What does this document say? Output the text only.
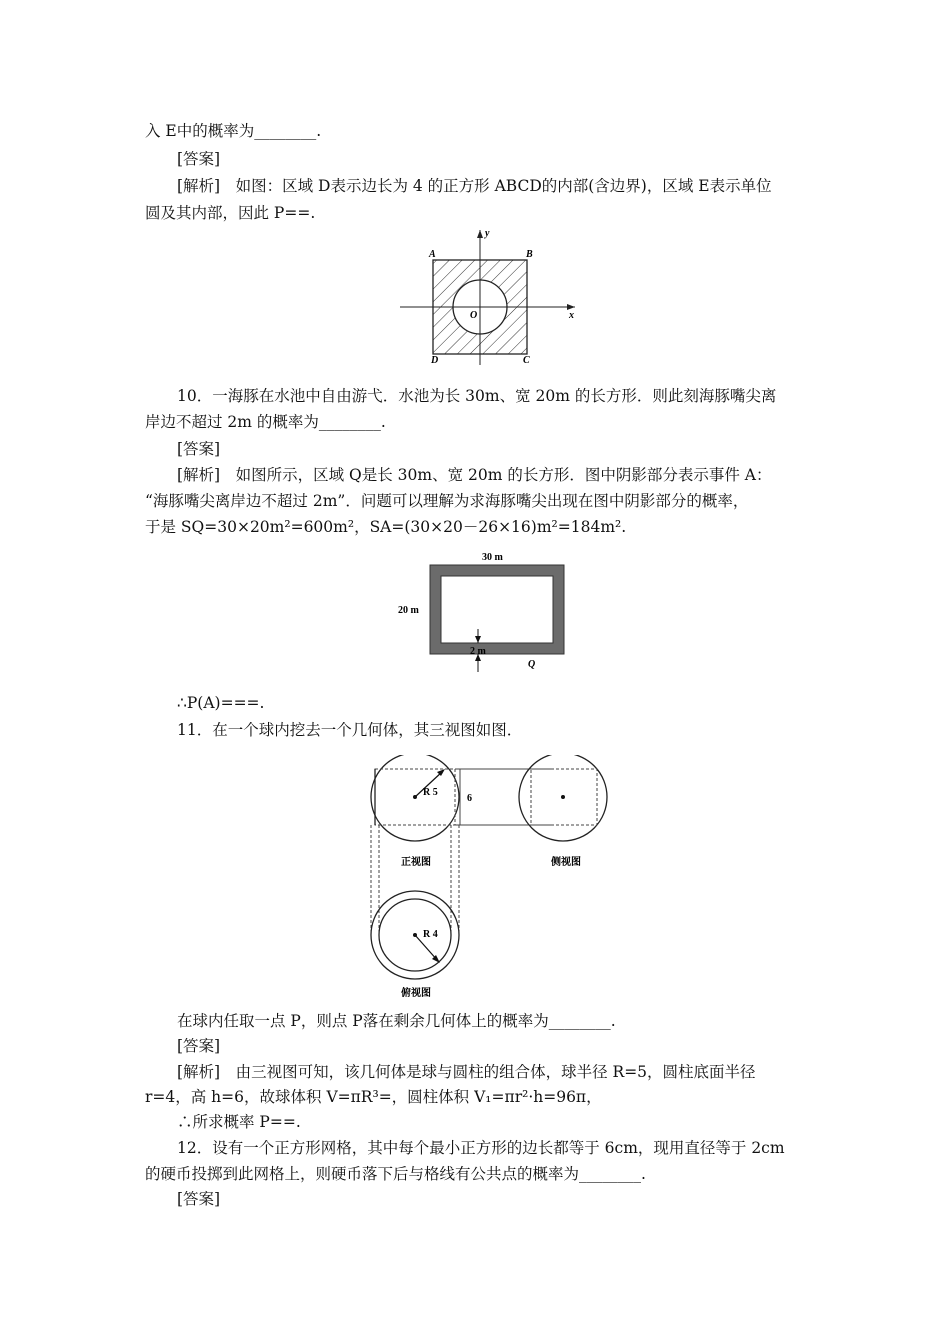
入 E中的概率为________.
[答案]
[解析]　如图：区域 D表示边长为 4 的正方形 ABCD的内部(含边界)，区域 E表示单位
圆及其内部，因此 P==.
A	B
C
D
O	x
y
10．一海豚在水池中自由游弋．水池为长 30m、宽 20m 的长方形．则此刻海豚嘴尖离
岸边不超过 2m 的概率为________.
[答案]
[解析]　如图所示，区域 Q是长 30m、宽 20m 的长方形．图中阴影部分表示事件 A：
“海豚嘴尖离岸边不超过 2m”．问题可以理解为求海豚嘴尖出现在图中阴影部分的概率，
于是 SQ=30×20m²=600m²，SA=(30×20－26×16)m²=184m².
30 m
20 m
2 m
Q
∴P(A)===.
11．在一个球内挖去一个几何体，其三视图如图．
R 5
6
正视图	侧视图
R 4
俯视图
在球内任取一点 P，则点 P落在剩余几何体上的概率为________.
[答案]
[解析]　由三视图可知，该几何体是球与圆柱的组合体，球半径 R=5，圆柱底面半径
r=4，高 h=6，故球体积 V=πR³=，圆柱体积 V₁=πr²·h=96π，
∴所求概率 P==.
12．设有一个正方形网格，其中每个最小正方形的边长都等于 6cm，现用直径等于 2cm
的硬币投掷到此网格上，则硬币落下后与格线有公共点的概率为________.
[答案]
